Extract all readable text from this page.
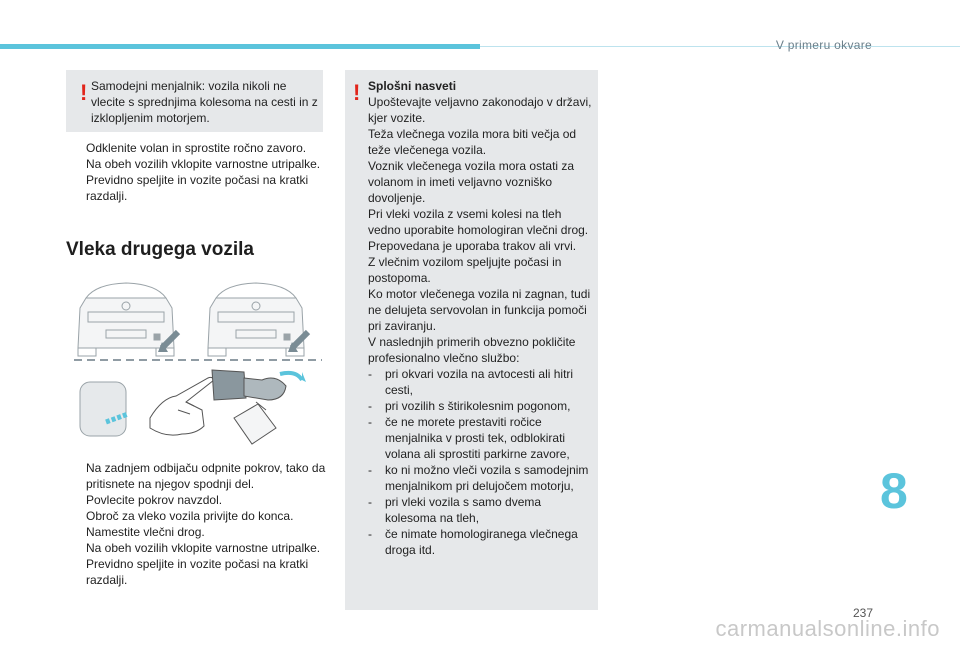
V primeru okvare
! Samodejni menjalnik: vozila nikoli ne vlecite s sprednjima kolesoma na cesti in z izklopljenim motorjem.
Odklenite volan in sprostite ročno zavoro.
Na obeh vozilih vklopite varnostne utripalke.
Previdno speljite in vozite počasi na kratki razdalji.
Vleka drugega vozila
Na zadnjem odbijaču odpnite pokrov, tako da pritisnete na njegov spodnji del.
Povlecite pokrov navzdol.
Obroč za vleko vozila privijte do konca.
Namestite vlečni drog.
Na obeh vozilih vklopite varnostne utripalke.
Previdno speljite in vozite počasi na kratki razdalji.
! Splošni nasveti
Upoštevajte veljavno zakonodajo v državi, kjer vozite.
Teža vlečnega vozila mora biti večja od teže vlečenega vozila.
Voznik vlečenega vozila mora ostati za volanom in imeti veljavno vozniško dovoljenje.
Pri vleki vozila z vsemi kolesi na tleh vedno uporabite homologiran vlečni drog. Prepovedana je uporaba trakov ali vrvi.
Z vlečnim vozilom speljujte počasi in postopoma.
Ko motor vlečenega vozila ni zagnan, tudi ne delujeta servovolan in funkcija pomoči pri zaviranju.
V naslednjih primerih obvezno pokličite profesionalno vlečno službo:
- pri okvari vozila na avtocesti ali hitri cesti,
- pri vozilih s štirikolesnim pogonom,
- če ne morete prestaviti ročice menjalnika v prosti tek, odblokirati volana ali sprostiti parkirne zavore,
- ko ni možno vleči vozila s samodejnim menjalnikom pri delujočem motorju,
- pri vleki vozila s samo dvema kolesoma na tleh,
- če nimate homologiranega vlečnega droga itd.
8
237
carmanualsonline.info
